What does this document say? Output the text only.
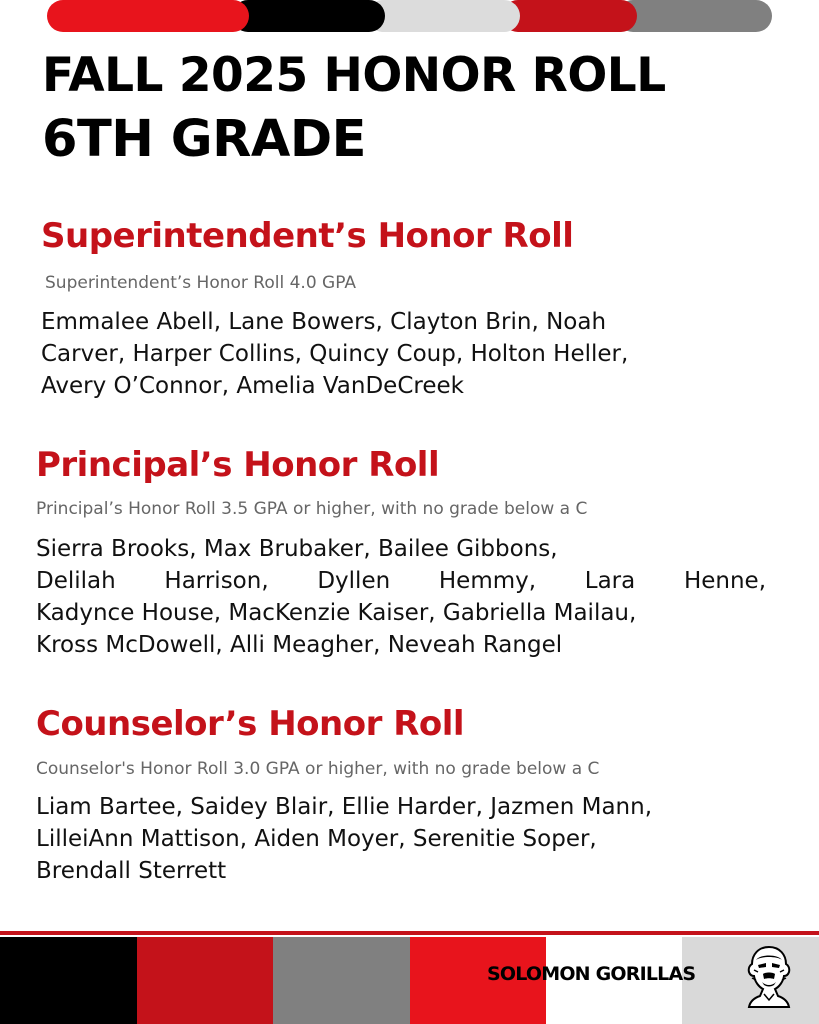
FALL 2025 HONOR ROLL
6TH GRADE
Superintendent’s Honor Roll
Superintendent’s Honor Roll 4.0 GPA
Emmalee Abell, Lane Bowers, Clayton Brin, Noah
Carver, Harper Collins, Quincy Coup, Holton Heller,
Avery O’Connor, Amelia VanDeCreek
Principal’s Honor Roll
Principal’s Honor Roll 3.5 GPA or higher, with no grade below a C
Sierra Brooks, Max Brubaker, Bailee Gibbons,
Delilah Harrison, Dyllen Hemmy, Lara Henne,
Kadynce House, MacKenzie Kaiser, Gabriella Mailau,
Kross McDowell, Alli Meagher, Neveah Rangel
Counselor’s Honor Roll
Counselor's Honor Roll 3.0 GPA or higher, with no grade below a C
Liam Bartee, Saidey Blair, Ellie Harder, Jazmen Mann,
LilleiAnn Mattison, Aiden Moyer, Serenitie Soper,
Brendall Sterrett
SOLOMON GORILLAS
